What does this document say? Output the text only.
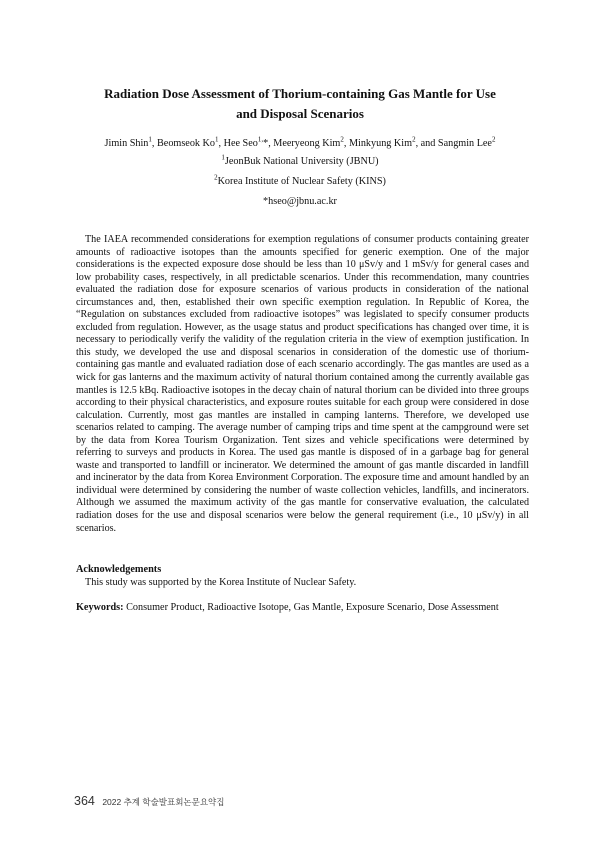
Radiation Dose Assessment of Thorium-containing Gas Mantle for Use
and Disposal Scenarios
Jimin Shin$^1$, Beomseok Ko$^1$, Hee Seo$^{1,}$*, Meeryeong Kim$^2$, Minkyung Kim$^2$, and Sangmin Lee$^2$
$^1$JeonBuk National University (JBNU)
$^2$Korea Institute of Nuclear Safety (KINS)
*hseo@jbnu.ac.kr

The IAEA recommended considerations for exemption regulations of consumer products containing greater amounts of radioactive isotopes than the amounts specified for generic exemption. One of the major considerations is the expected exposure dose should be less than 10 μSv/y and 1 mSv/y for general cases and low probability cases, respectively, in all predictable scenarios. Under this recommendation, many countries evaluated the radiation dose for exposure scenarios of various products in consideration of the national circumstances and, then, established their own specific exemption regulation. In Republic of Korea, the “Regulation on substances excluded from radioactive isotopes” was legislated to specify consumer products excluded from regulation. However, as the usage status and product specifications has changed over time, it is necessary to periodically verify the validity of the regulation criteria in the view of exemption justification. In this study, we developed the use and disposal scenarios in consideration of the domestic use of thorium-containing gas mantle and evaluated radiation dose of each scenario accordingly. The gas mantles are used as a wick for gas lanterns and the maximum activity of natural thorium contained among the currently available gas mantles is 12.5 kBq. Radioactive isotopes in the decay chain of natural thorium can be divided into three groups according to their physical characteristics, and exposure routes suitable for each group were considered in dose calculation. Currently, most gas mantles are installed in camping lanterns. Therefore, we developed use scenarios related to camping. The average number of camping trips and time spent at the campground were set by the data from Korea Tourism Organization. Tent sizes and vehicle specifications were determined by referring to surveys and products in Korea. The used gas mantle is disposed of in a garbage bag for general waste and transported to landfill or incinerator. We determined the amount of gas mantle discarded in landfill and incinerator by the data from Korea Environment Corporation. The exposure time and amount handled by an individual were determined by considering the number of waste collection vehicles, landfills, and incinerators. Although we assumed the maximum activity of the gas mantle for conservative evaluation, the calculated radiation doses for the use and disposal scenarios were below the general requirement (i.e., 10 μSv/y) in all scenarios.

Acknowledgements
This study was supported by the Korea Institute of Nuclear Safety.
Keywords: Consumer Product, Radioactive Isotope, Gas Mantle, Exposure Scenario, Dose Assessment
364 2022 추계 학술발표회논문요약집
